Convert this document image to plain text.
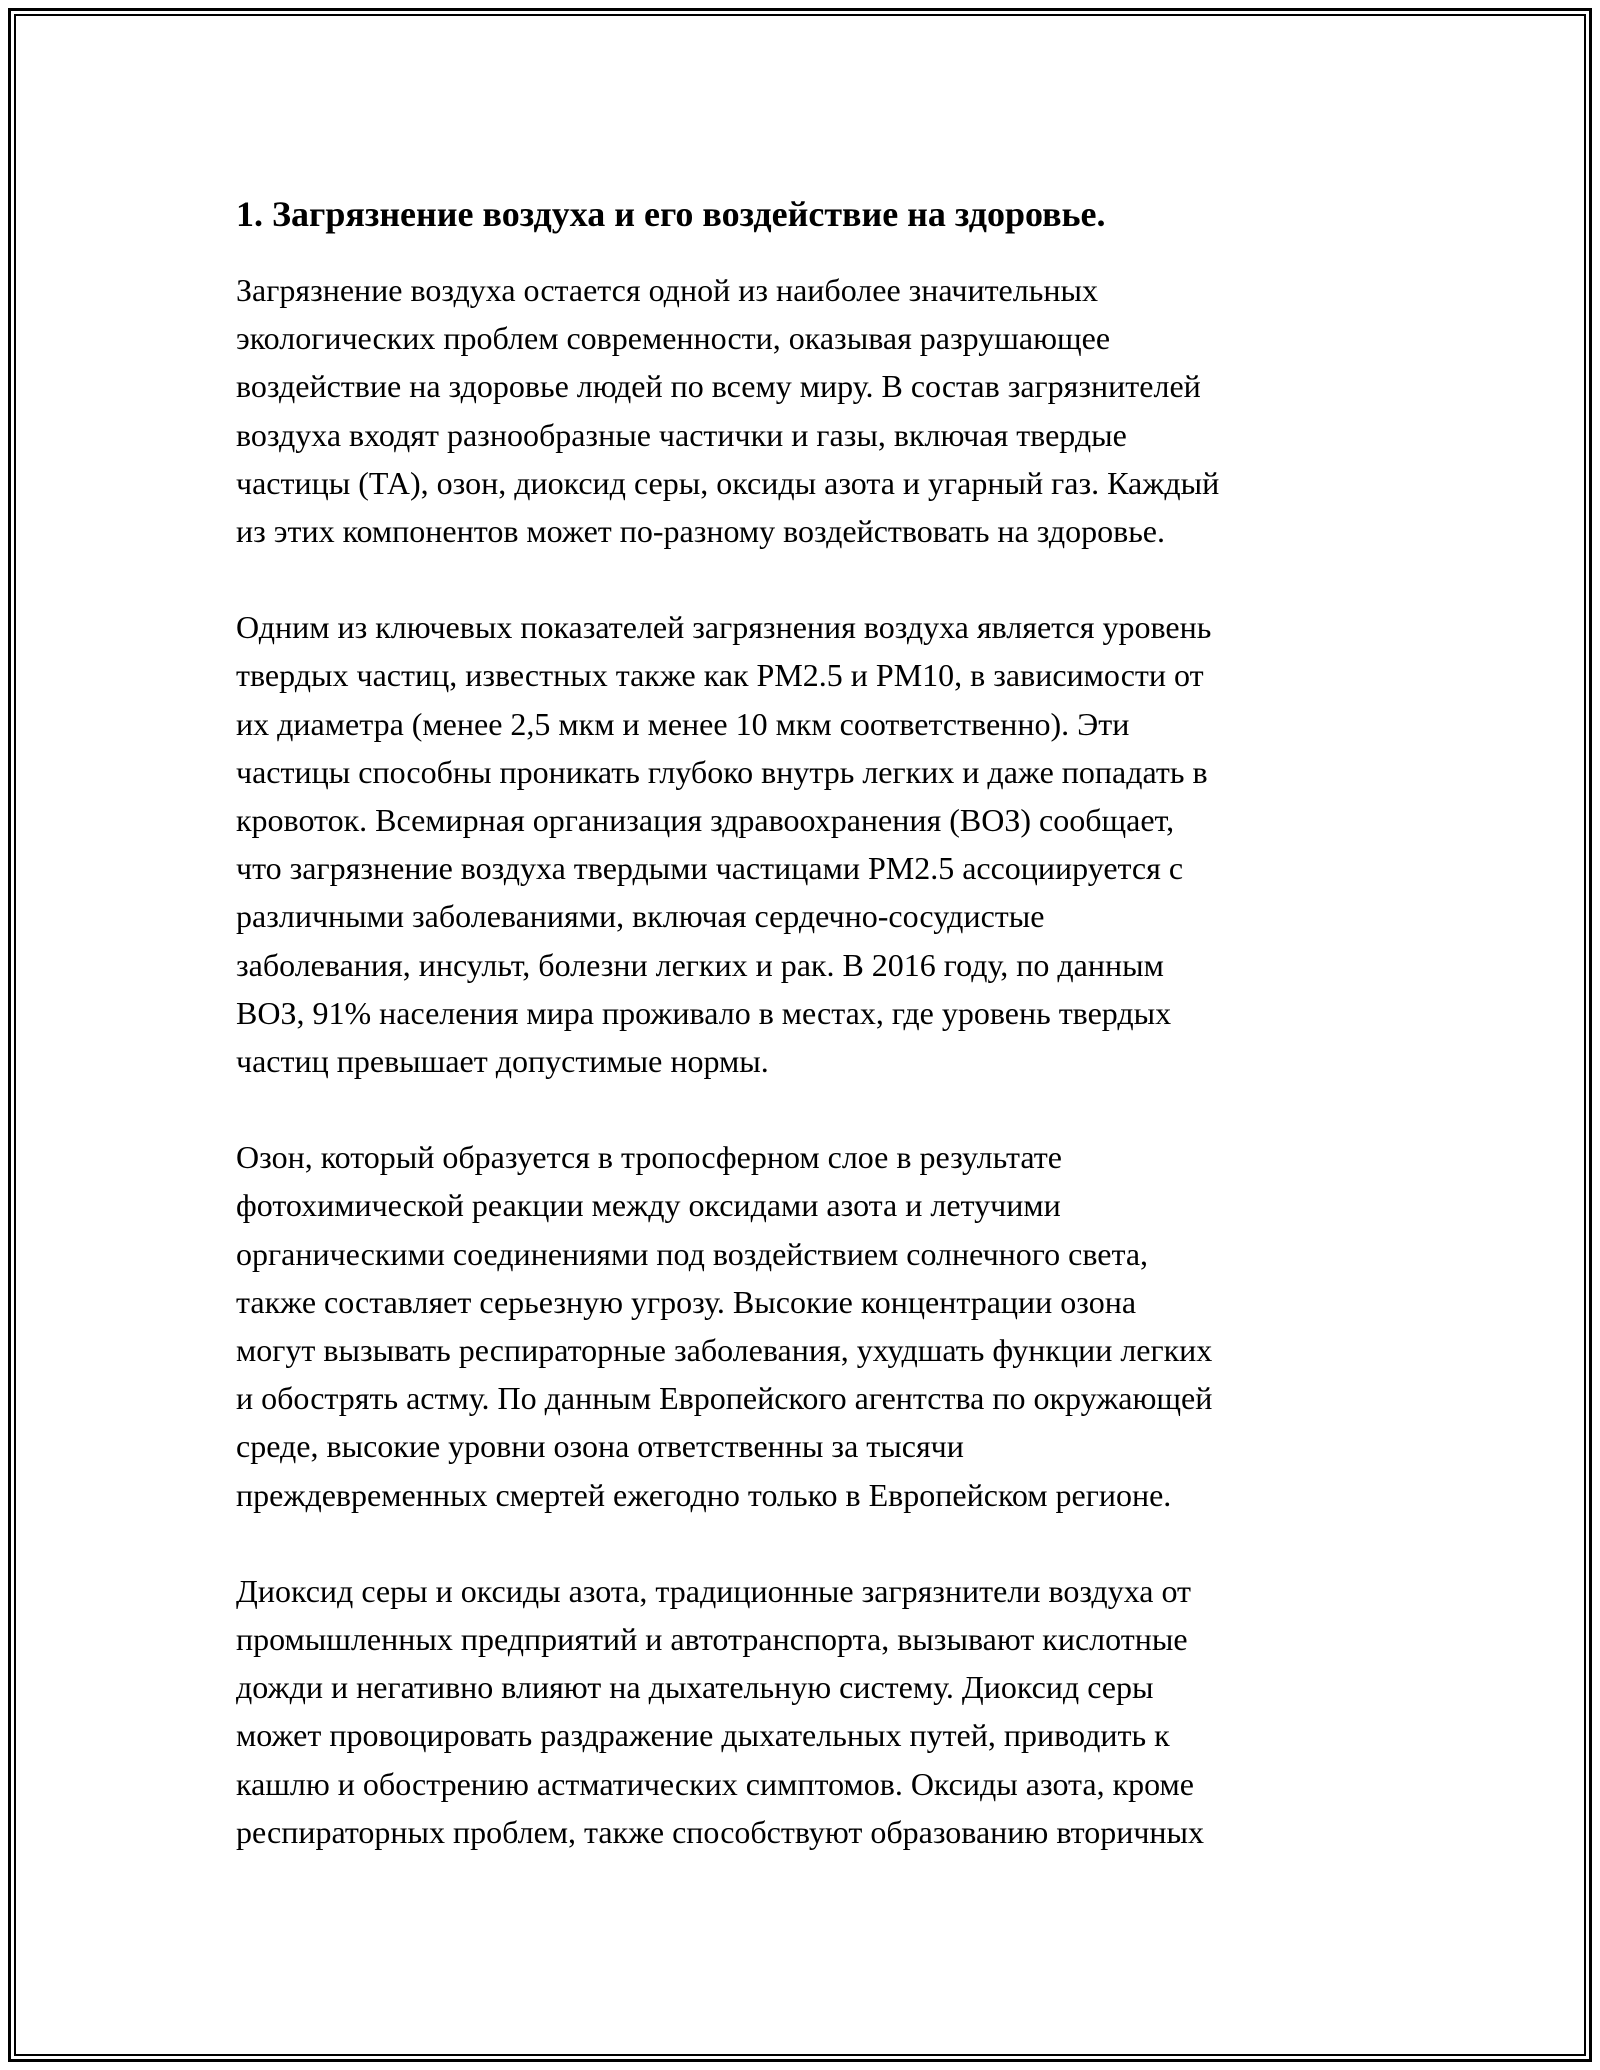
1. Загрязнение воздуха и его воздействие на здоровье.

Загрязнение воздуха остается одной из наиболее значительных
экологических проблем современности, оказывая разрушающее
воздействие на здоровье людей по всему миру. В состав загрязнителей
воздуха входят разнообразные частички и газы, включая твердые
частицы (ТА), озон, диоксид серы, оксиды азота и угарный газ. Каждый
из этих компонентов может по-разному воздействовать на здоровье.

Одним из ключевых показателей загрязнения воздуха является уровень
твердых частиц, известных также как PM2.5 и PM10, в зависимости от
их диаметра (менее 2,5 мкм и менее 10 мкм соответственно). Эти
частицы способны проникать глубоко внутрь легких и даже попадать в
кровоток. Всемирная организация здравоохранения (ВОЗ) сообщает,
что загрязнение воздуха твердыми частицами PM2.5 ассоциируется с
различными заболеваниями, включая сердечно-сосудистые
заболевания, инсульт, болезни легких и рак. В 2016 году, по данным
ВОЗ, 91% населения мира проживало в местах, где уровень твердых
частиц превышает допустимые нормы.

Озон, который образуется в тропосферном слое в результате
фотохимической реакции между оксидами азота и летучими
органическими соединениями под воздействием солнечного света,
также составляет серьезную угрозу. Высокие концентрации озона
могут вызывать респираторные заболевания, ухудшать функции легких
и обострять астму. По данным Европейского агентства по окружающей
среде, высокие уровни озона ответственны за тысячи
преждевременных смертей ежегодно только в Европейском регионе.

Диоксид серы и оксиды азота, традиционные загрязнители воздуха от
промышленных предприятий и автотранспорта, вызывают кислотные
дожди и негативно влияют на дыхательную систему. Диоксид серы
может провоцировать раздражение дыхательных путей, приводить к
кашлю и обострению астматических симптомов. Оксиды азота, кроме
респираторных проблем, также способствуют образованию вторичных
